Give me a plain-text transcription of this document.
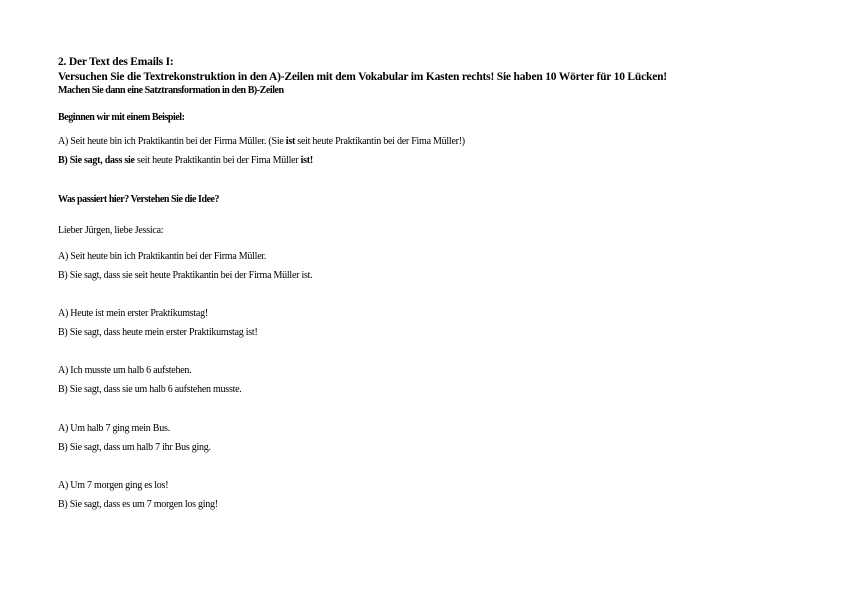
2. Der Text des Emails I:
Versuchen Sie die Textrekonstruktion in den A)-Zeilen mit dem Vokabular im Kasten rechts! Sie haben 10 Wörter für 10 Lücken!
Machen Sie dann eine Satztransformation in den B)-Zeilen
Beginnen wir mit einem Beispiel:
A) Seit heute bin ich Praktikantin bei der Firma Müller. (Sie ist seit heute Praktikantin bei der Fima Müller!)
B) Sie sagt, dass sie seit heute Praktikantin bei der Fima Müller ist!
Was passiert hier? Verstehen Sie die Idee?
Lieber Jürgen, liebe Jessica:
A) Seit heute bin ich Praktikantin bei der Firma Müller.
B) Sie sagt, dass sie seit heute Praktikantin bei der Firma Müller ist.
A) Heute ist mein erster Praktikumstag!
B) Sie sagt, dass heute mein erster Praktikumstag ist!
A) Ich musste um halb 6 aufstehen.
B) Sie sagt, dass sie um halb 6 aufstehen musste.
A) Um halb 7 ging mein Bus.
B) Sie sagt, dass um halb 7 ihr Bus ging.
A) Um 7 morgen ging es los!
B) Sie sagt, dass es um 7 morgen los ging!
